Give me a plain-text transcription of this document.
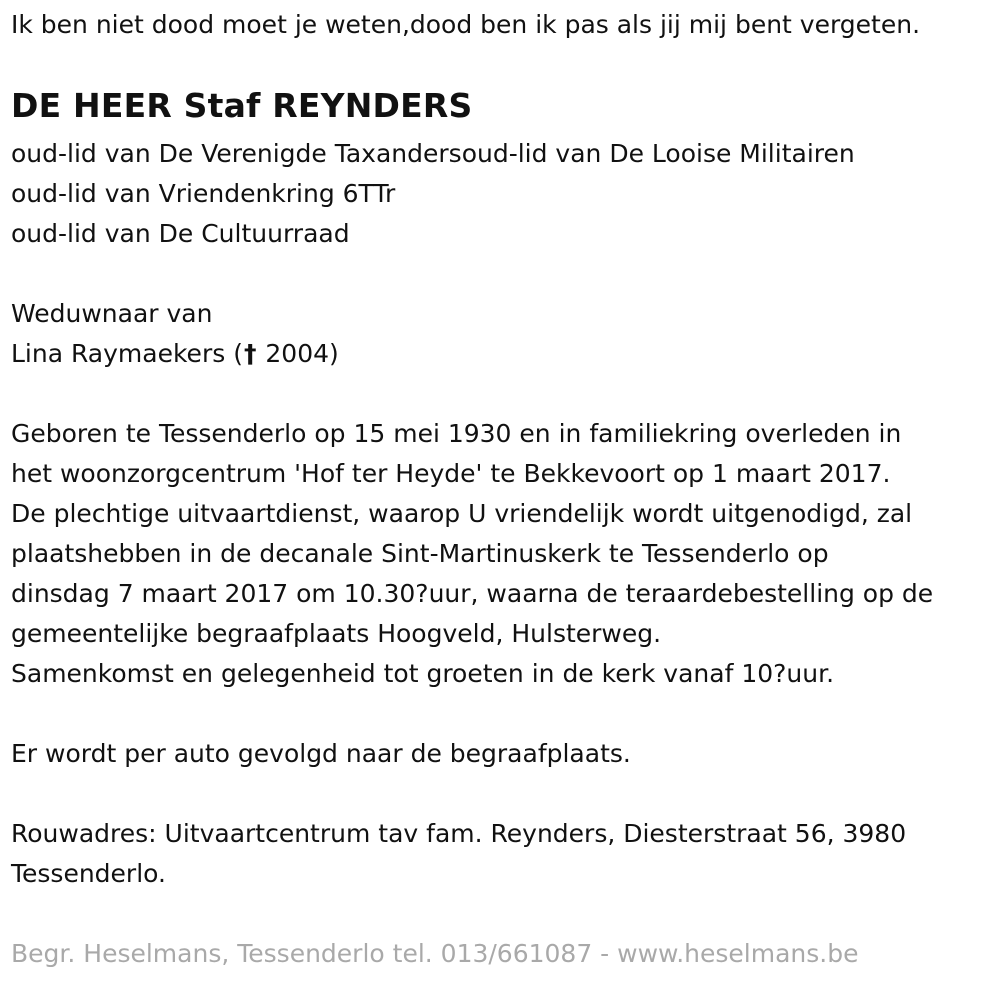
Ik ben niet dood moet je weten,dood ben ik pas als jij mij bent vergeten.

DE HEER Staf REYNDERS

oud-lid van De Verenigde Taxandersoud-lid van De Looise Militairen

oud-lid van Vriendenkring 6TTr

oud-lid van De Cultuurraad

Weduwnaar van

Lina Raymaekers († 2004)

Geboren te Tessenderlo op 15 mei 1930 en in familiekring overleden in

het woonzorgcentrum 'Hof ter Heyde' te Bekkevoort op 1 maart 2017.

De plechtige uitvaartdienst, waarop U vriendelijk wordt uitgenodigd, zal

plaatshebben in de decanale Sint-Martinuskerk te Tessenderlo op

dinsdag 7 maart 2017 om 10.30?uur, waarna de teraardebestelling op de

gemeentelijke begraafplaats Hoogveld, Hulsterweg.

Samenkomst en gelegenheid tot groeten in de kerk vanaf 10?uur.

Er wordt per auto gevolgd naar de begraafplaats.

Rouwadres: Uitvaartcentrum tav fam. Reynders, Diesterstraat 56, 3980

Tessenderlo.

Begr. Heselmans, Tessenderlo tel. 013/661087 - www.heselmans.be
